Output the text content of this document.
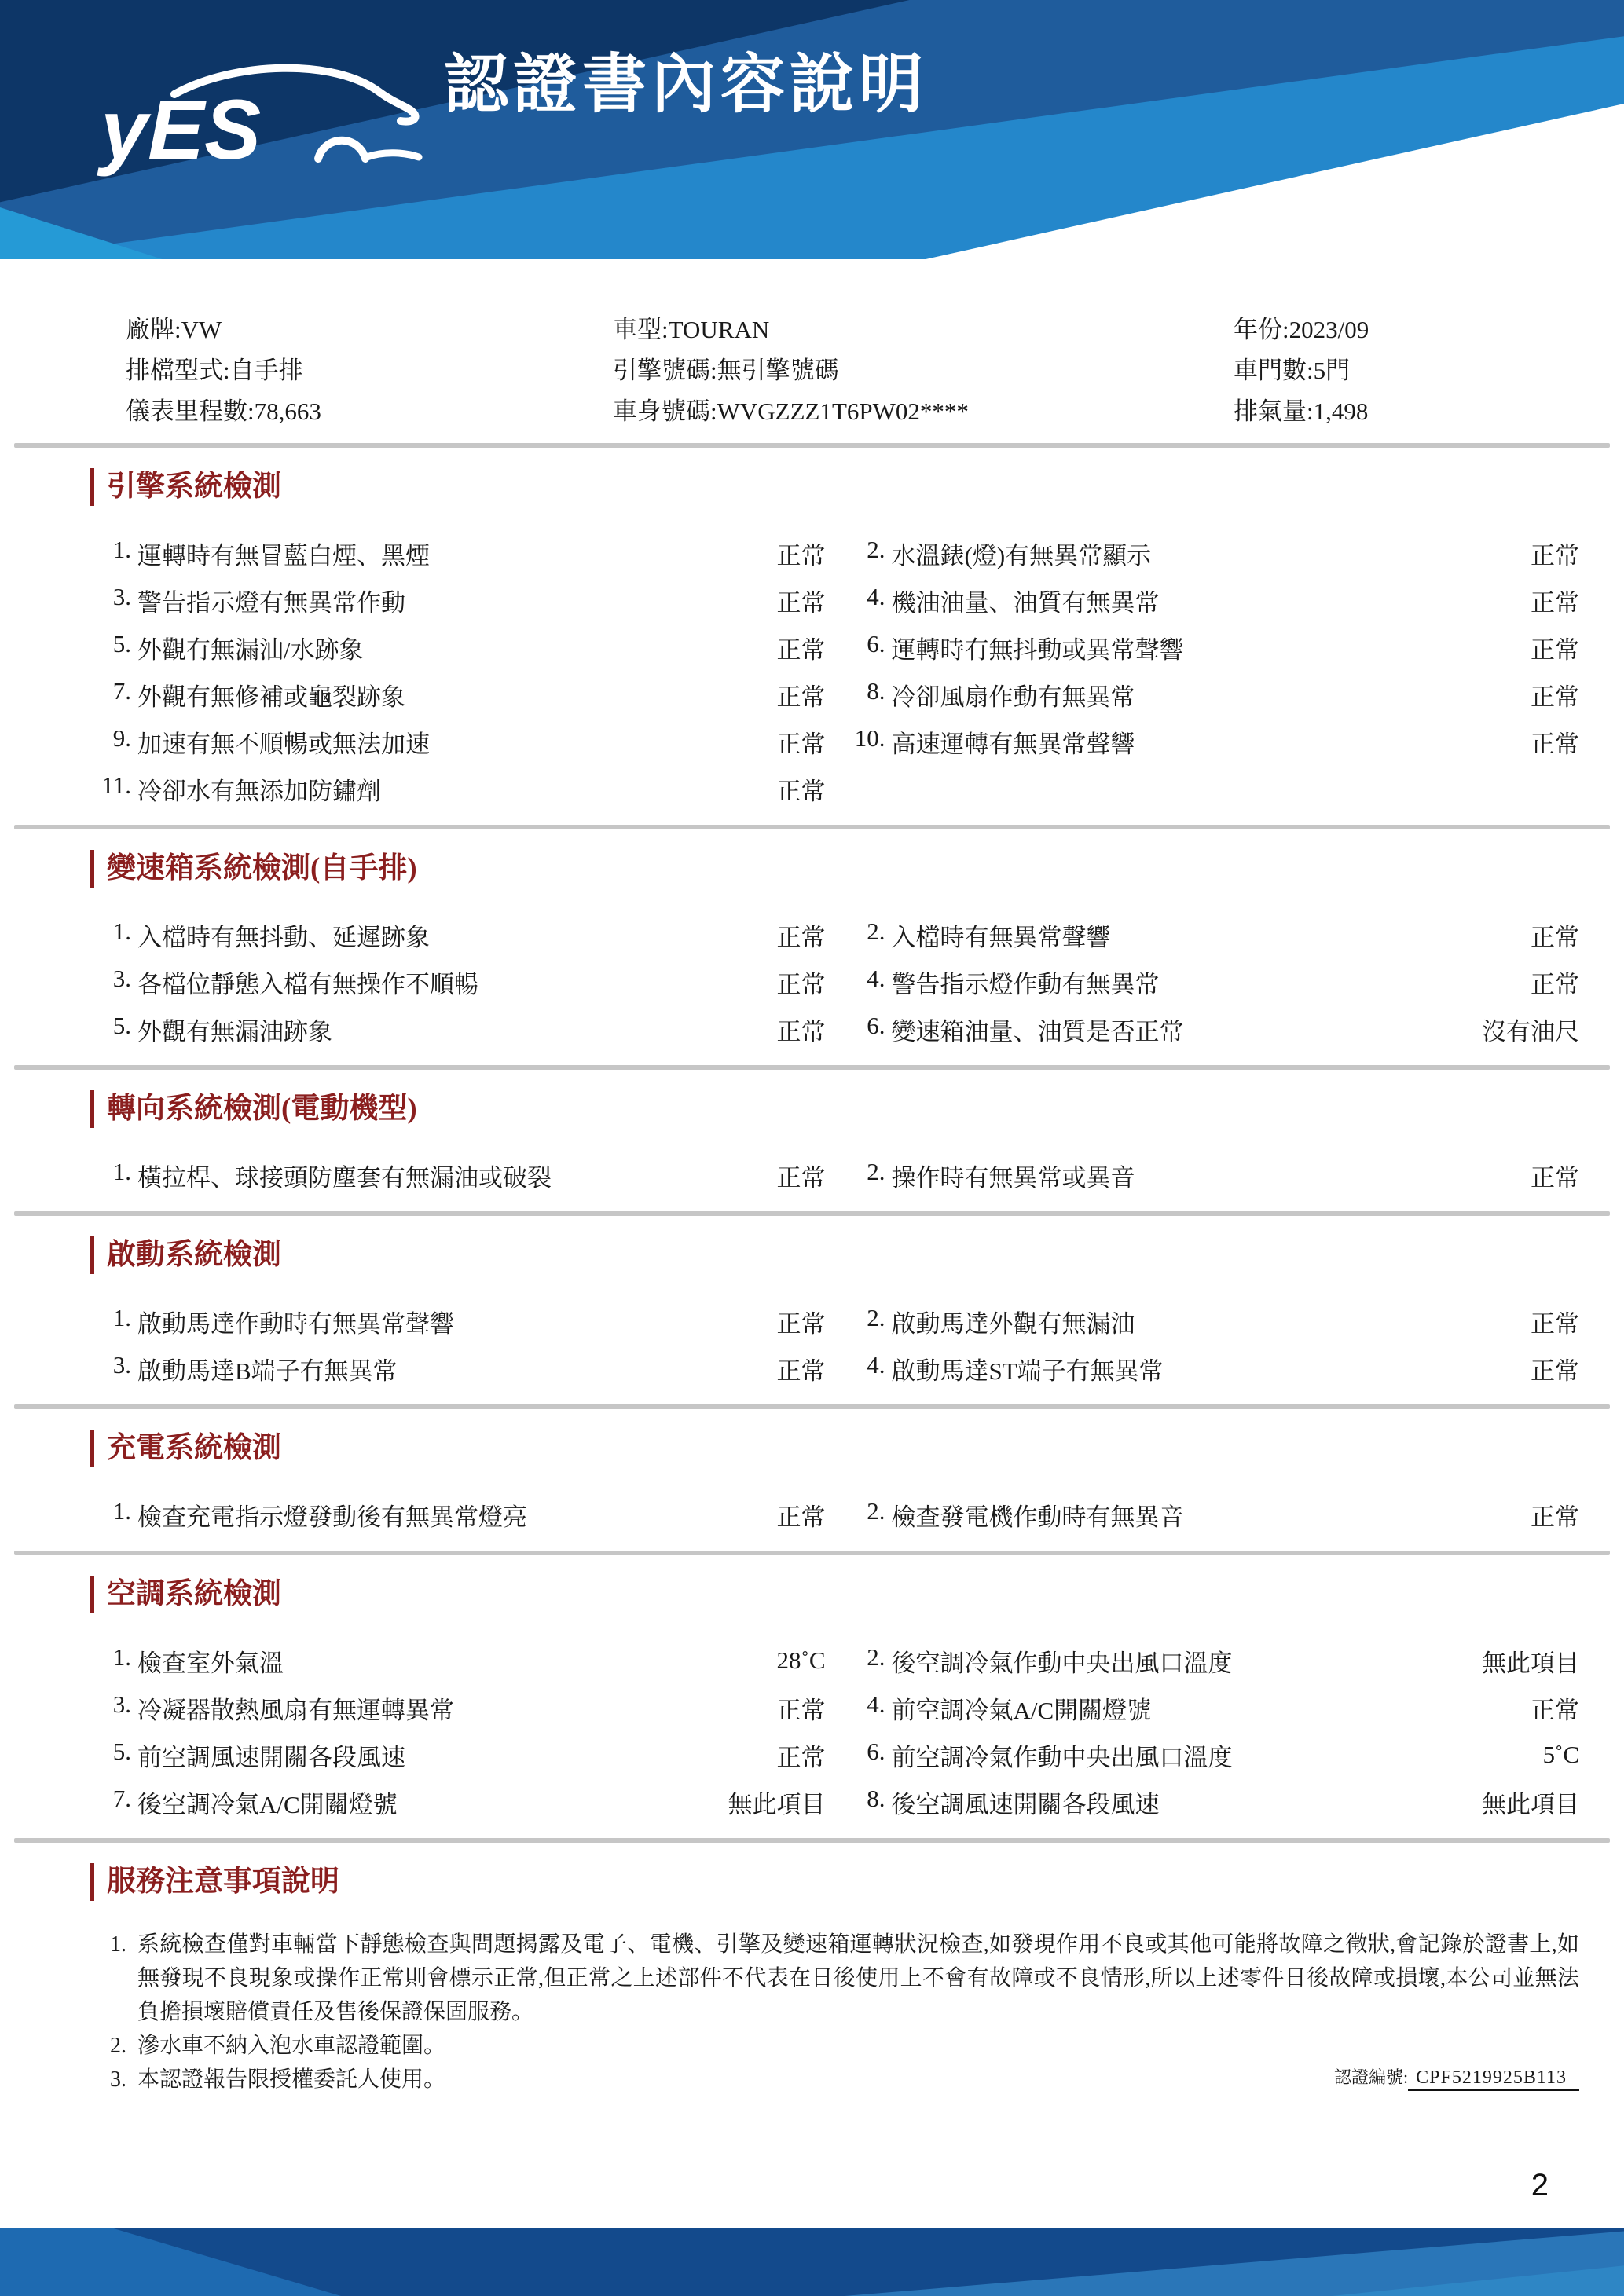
yES	認證書內容說明
廠牌:VW	車型:TOURAN	年份:2023/09
排檔型式:自手排	引擎號碼:無引擎號碼	車門數:5門
儀表里程數:78,663	車身號碼:WVGZZZ1T6PW02****	排氣量:1,498
引擎系統檢測
1. 運轉時有無冒藍白煙、黑煙	正常	2. 水溫錶(燈)有無異常顯示	正常
3. 警告指示燈有無異常作動	正常	4. 機油油量、油質有無異常	正常
5. 外觀有無漏油/水跡象	正常	6. 運轉時有無抖動或異常聲響	正常
7. 外觀有無修補或龜裂跡象	正常	8. 冷卻風扇作動有無異常	正常
9. 加速有無不順暢或無法加速	正常	10. 高速運轉有無異常聲響	正常
11. 冷卻水有無添加防鏽劑	正常
變速箱系統檢測(自手排)
1. 入檔時有無抖動、延遲跡象	正常	2. 入檔時有無異常聲響	正常
3. 各檔位靜態入檔有無操作不順暢	正常	4. 警告指示燈作動有無異常	正常
5. 外觀有無漏油跡象	正常	6. 變速箱油量、油質是否正常	沒有油尺
轉向系統檢測(電動機型)
1. 橫拉桿、球接頭防塵套有無漏油或破裂	正常	2. 操作時有無異常或異音	正常
啟動系統檢測
1. 啟動馬達作動時有無異常聲響	正常	2. 啟動馬達外觀有無漏油	正常
3. 啟動馬達B端子有無異常	正常	4. 啟動馬達ST端子有無異常	正常
充電系統檢測
1. 檢查充電指示燈發動後有無異常燈亮	正常	2. 檢查發電機作動時有無異音	正常
空調系統檢測
1. 檢查室外氣溫	28˚C	2. 後空調冷氣作動中央出風口溫度	無此項目
3. 冷凝器散熱風扇有無運轉異常	正常	4. 前空調冷氣A/C開關燈號	正常
5. 前空調風速開關各段風速	正常	6. 前空調冷氣作動中央出風口溫度	5˚C
7. 後空調冷氣A/C開關燈號	無此項目	8. 後空調風速開關各段風速	無此項目
服務注意事項說明
1. 系統檢查僅對車輛當下靜態檢查與問題揭露及電子、電機、引擎及變速箱運轉狀況檢查,如發現作用不良或其他可能將故障之徵狀,會記錄於證書上,如無發現不良現象或操作正常則會標示正常,但正常之上述部件不代表在日後使用上不會有故障或不良情形,所以上述零件日後故障或損壞,本公司並無法負擔損壞賠償責任及售後保證保固服務。
2. 滲水車不納入泡水車認證範圍。
3. 本認證報告限授權委託人使用。	認證編號: CPF5219925B113
2
